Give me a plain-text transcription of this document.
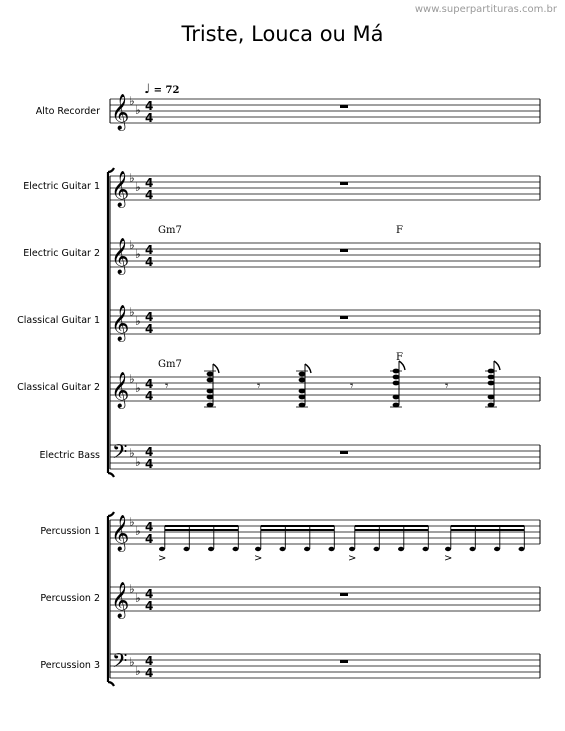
www.superpartituras.com.br
Triste, Louca ou Má
♩ = 72
Alto Recorder
Electric Guitar 1
Electric Guitar 2
Classical Guitar 1
Classical Guitar 2
Electric Bass
Percussion 1
Percussion 2
Percussion 3
Gm7	F
Gm7
F
𝄞 ♭
♭ 4
4
𝄞 ♭
♭ 4
4
𝄞 ♭
♭ 4
4
𝄞 ♭
♭ 4
4
𝄞 ♭
♭ 4
4
𝄾	𝄾	𝄾	𝄾
𝄢 ♭
♭
4
4
𝄞 ♭
♭ 4
4
>	>	>	>
𝄞 ♭
♭ 4
4
𝄢 ♭
♭
4
4
